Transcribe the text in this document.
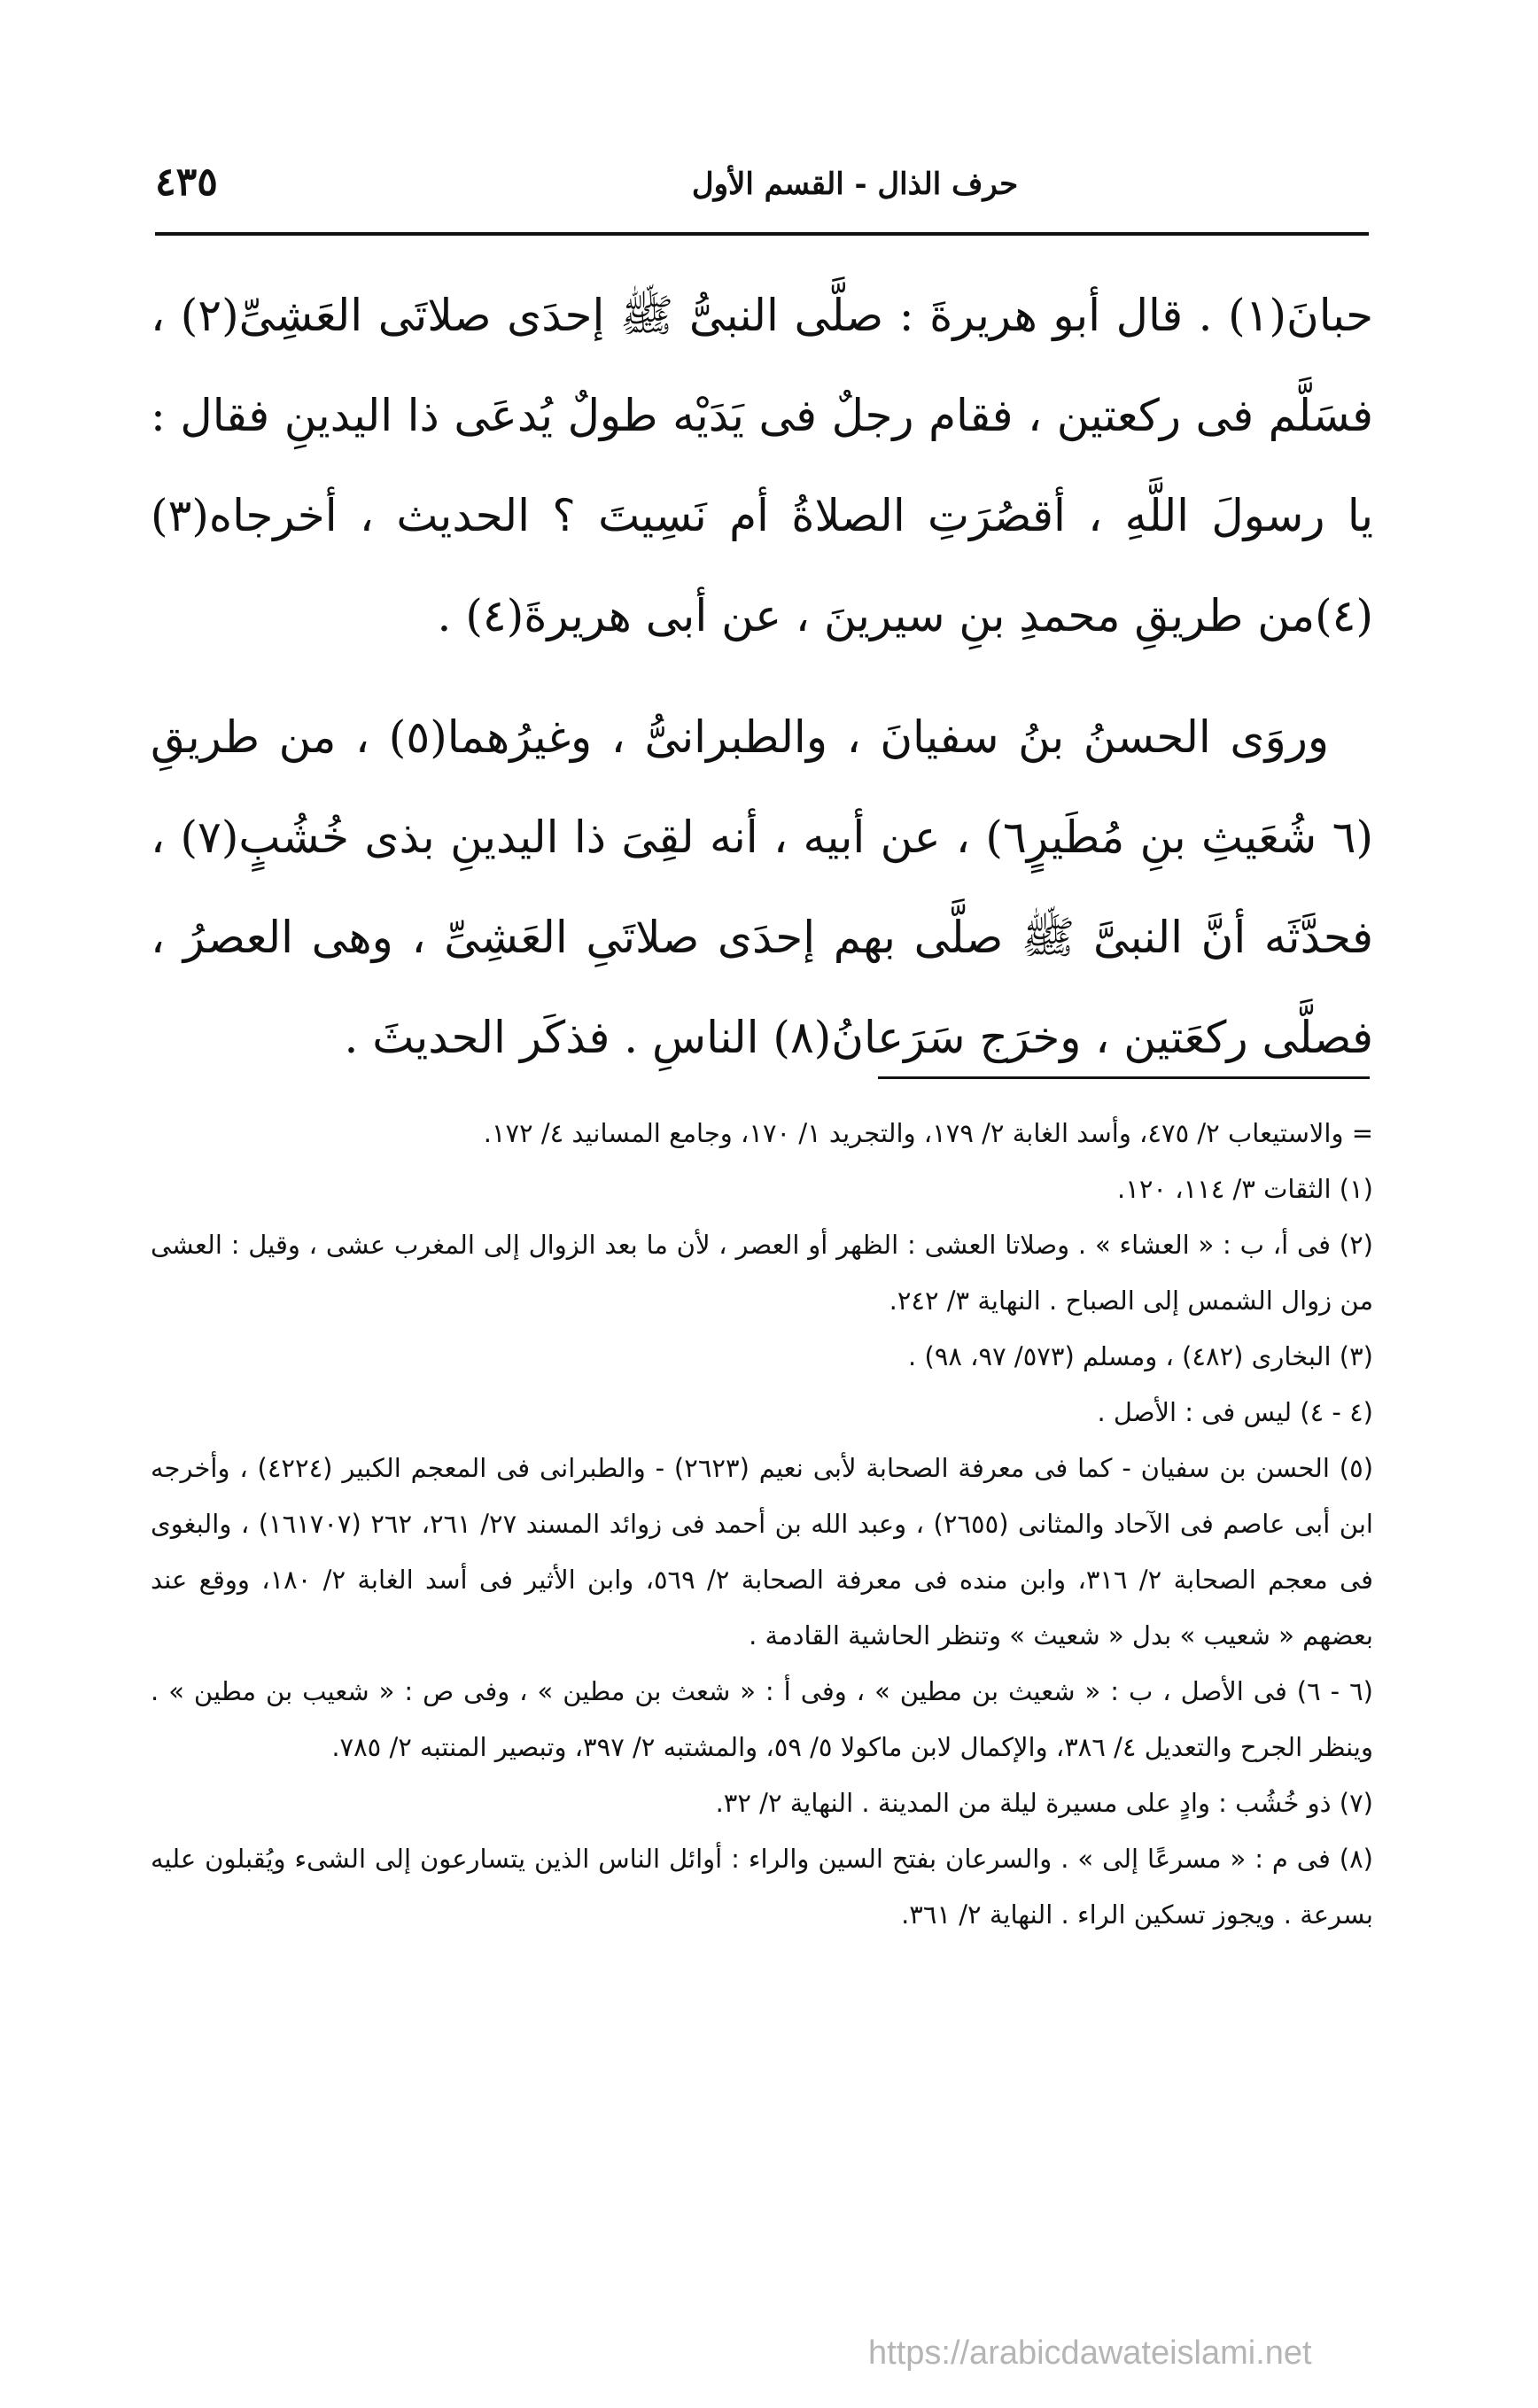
٤٣٥	حرف الذال - القسم الأول

حبانَ(١) . قال أبو هريرةَ : صلَّى النبىُّ ﷺ إحدَى صلاتَى العَشِىِّ(٢) ، فسَلَّم فى ركعتين ، فقام رجلٌ فى يَدَيْه طولٌ يُدعَى ذا اليدينِ فقال : يا رسولَ اللَّهِ ، أقصُرَتِ الصلاةُ أم نَسِيتَ ؟ الحديث ، أخرجاه(٣) (٤)من طريقِ محمدِ بنِ سيرينَ ، عن أبى هريرةَ(٤) .

وروَى الحسنُ بنُ سفيانَ ، والطبرانىُّ ، وغيرُهما(٥) ، من طريقِ (٦ شُعَيثِ بنِ مُطَيرٍ٦) ، عن أبيه ، أنه لقِىَ ذا اليدينِ بذى خُشُبٍ(٧) ، فحدَّثَه أنَّ النبىَّ ﷺ صلَّى بهم إحدَى صلاتَىِ العَشِىِّ ، وهى العصرُ ، فصلَّى ركعَتين ، وخرَج سَرَعانُ(٨) الناسِ . فذكَر الحديثَ .

= والاستيعاب ٢/ ٤٧٥، وأسد الغابة ٢/ ١٧٩، والتجريد ١/ ١٧٠، وجامع المسانيد ٤/ ١٧٢.
(١) الثقات ٣/ ١١٤، ١٢٠.
(٢) فى أ، ب : « العشاء » . وصلاتا العشى : الظهر أو العصر ، لأن ما بعد الزوال إلى المغرب عشى ، وقيل : العشى من زوال الشمس إلى الصباح . النهاية ٣/ ٢٤٢.
(٣) البخارى (٤٨٢) ، ومسلم (٥٧٣/ ٩٧، ٩٨) .
(٤ - ٤) ليس فى : الأصل .
(٥) الحسن بن سفيان - كما فى معرفة الصحابة لأبى نعيم (٢٦٢٣) - والطبرانى فى المعجم الكبير (٤٢٢٤) ، وأخرجه ابن أبى عاصم فى الآحاد والمثانى (٢٦٥٥) ، وعبد الله بن أحمد فى زوائد المسند ٢٧/ ٢٦١، ٢٦٢ (١٦١٧٠٧) ، والبغوى فى معجم الصحابة ٢/ ٣١٦، وابن منده فى معرفة الصحابة ٢/ ٥٦٩، وابن الأثير فى أسد الغابة ٢/ ١٨٠، ووقع عند بعضهم « شعيب » بدل « شعيث » وتنظر الحاشية القادمة .
(٦ - ٦) فى الأصل ، ب : « شعيث بن مطين » ، وفى أ : « شعث بن مطين » ، وفى ص : « شعيب بن مطين » . وينظر الجرح والتعديل ٤/ ٣٨٦، والإكمال لابن ماكولا ٥/ ٥٩، والمشتبه ٢/ ٣٩٧، وتبصير المنتبه ٢/ ٧٨٥.
(٧) ذو خُشُب : وادٍ على مسيرة ليلة من المدينة . النهاية ٢/ ٣٢.
(٨) فى م : « مسرعًا إلى » . والسرعان بفتح السين والراء : أوائل الناس الذين يتسارعون إلى الشىء ويُقبلون عليه بسرعة . ويجوز تسكين الراء . النهاية ٢/ ٣٦١.
https://arabicdawateislami.net
